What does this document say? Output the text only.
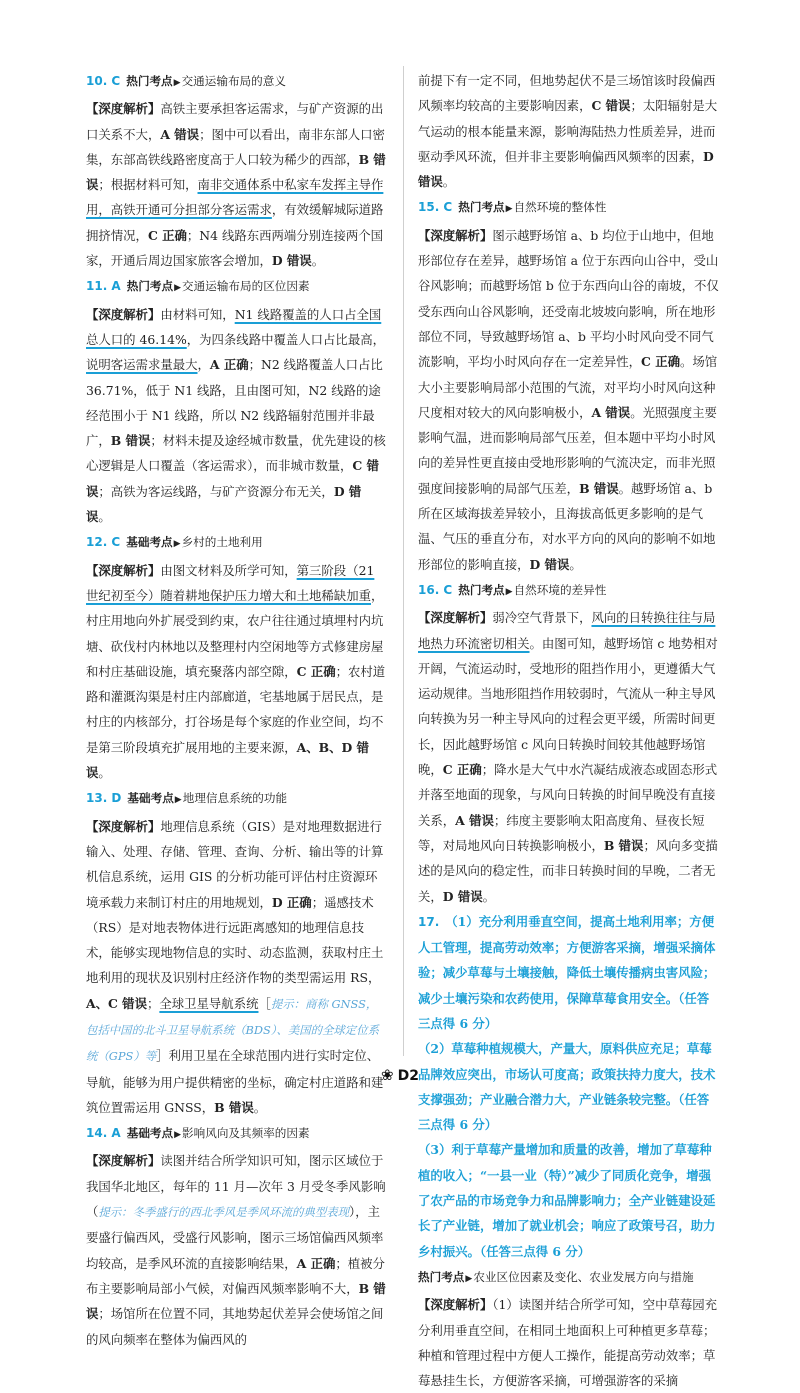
10. C 热门考点▶交通运输布局的意义

【深度解析】高铁主要承担客运需求，与矿产资源的出口关系不大，A 错误；图中可以看出，南非东部人口密集，东部高铁线路密度高于人口较为稀少的西部，B 错误；根据材料可知，南非交通体系中私家车发挥主导作用，高铁开通可分担部分客运需求，有效缓解城际道路拥挤情况，C 正确；N4 线路东西两端分别连接两个国家，开通后周边国家旅客会增加，D 错误。

11. A 热门考点▶交通运输布局的区位因素

【深度解析】由材料可知，N1 线路覆盖的人口占全国总人口的 46.14%，为四条线路中覆盖人口占比最高，说明客运需求量最大，A 正确；N2 线路覆盖人口占比 36.71%，低于 N1 线路，且由图可知，N2 线路的途经范围小于 N1 线路，所以 N2 线路辐射范围并非最广，B 错误；材料未提及途经城市数量，优先建设的核心逻辑是人口覆盖（客运需求），而非城市数量，C 错误；高铁为客运线路，与矿产资源分布无关，D 错误。

12. C 基础考点▶乡村的土地利用

【深度解析】由图文材料及所学可知，第三阶段（21 世纪初至今）随着耕地保护压力增大和土地稀缺加重，村庄用地向外扩展受到约束，农户往往通过填埋村内坑塘、砍伐村内林地以及整理村内空闲地等方式修建房屋和村庄基础设施，填充聚落内部空隙，C 正确；农村道路和灌溉沟渠是村庄内部廊道，宅基地属于居民点，是村庄的内核部分，打谷场是每个家庭的作业空间，均不是第三阶段填充扩展用地的主要来源，A、B、D 错误。

13. D 基础考点▶地理信息系统的功能

【深度解析】地理信息系统（GIS）是对地理数据进行输入、处理、存储、管理、查询、分析、输出等的计算机信息系统，运用 GIS 的分析功能可评估村庄资源环境承载力来制订村庄的用地规划，D 正确；遥感技术（RS）是对地表物体进行远距离感知的地理信息技术，能够实现地物信息的实时、动态监测，获取村庄土地利用的现状及识别村庄经济作物的类型需运用 RS，A、C 错误；全球卫星导航系统［提示：商称 GNSS，包括中国的北斗卫星导航系统（BDS）、美国的全球定位系统（GPS）等］利用卫星在全球范围内进行实时定位、导航，能够为用户提供精密的坐标，确定村庄道路和建筑位置需运用 GNSS，B 错误。

14. A 基础考点▶影响风向及其频率的因素

【深度解析】读图并结合所学知识可知，图示区域位于我国华北地区，每年的 11 月—次年 3 月受冬季风影响（提示：冬季盛行的西北季风是季风环流的典型表现），主要盛行偏西风，受盛行风影响，图示三场馆偏西风频率均较高，是季风环流的直接影响结果，A 正确；植被分布主要影响局部小气候，对偏西风频率影响不大，B 错误；场馆所在位置不同，其地势起伏差异会使场馆之间的风向频率在整体为偏西风的

前提下有一定不同，但地势起伏不是三场馆该时段偏西风频率均较高的主要影响因素，C 错误；太阳辐射是大气运动的根本能量来源，影响海陆热力性质差异，进而驱动季风环流，但并非主要影响偏西风频率的因素，D 错误。

15. C 热门考点▶自然环境的整体性

【深度解析】图示越野场馆 a、b 均位于山地中，但地形部位存在差异，越野场馆 a 位于东西向山谷中，受山谷风影响；而越野场馆 b 位于东西向山谷的南坡，不仅受东西向山谷风影响，还受南北坡坡向影响，所在地形部位不同，导致越野场馆 a、b 平均小时风向受不同气流影响，平均小时风向存在一定差异性，C 正确。场馆大小主要影响局部小范围的气流，对平均小时风向这种尺度相对较大的风向影响极小，A 错误。光照强度主要影响气温，进而影响局部气压差，但本题中平均小时风向的差异性更直接由受地形影响的气流决定，而非光照强度间接影响的局部气压差，B 错误。越野场馆 a、b 所在区域海拔差异较小，且海拔高低更多影响的是气温、气压的垂直分布，对水平方向的风向的影响不如地形部位的影响直接，D 错误。

16. C 热门考点▶自然环境的差异性

【深度解析】弱冷空气背景下，风向的日转换往往与局地热力环流密切相关。由图可知，越野场馆 c 地势相对开阔，气流运动时，受地形的阻挡作用小，更遵循大气运动规律。当地形阻挡作用较弱时，气流从一种主导风向转换为另一种主导风向的过程会更平缓，所需时间更长，因此越野场馆 c 风向日转换时间较其他越野场馆晚，C 正确；降水是大气中水汽凝结成液态或固态形式并落至地面的现象，与风向日转换的时间早晚没有直接关系，A 错误；纬度主要影响太阳高度角、昼夜长短等，对局地风向日转换影响极小，B 错误；风向多变描述的是风向的稳定性，而非日转换时间的早晚，二者无关，D 错误。

17. （1）充分利用垂直空间，提高土地利用率；方便人工管理，提高劳动效率；方便游客采摘，增强采摘体验；减少草莓与土壤接触，降低土壤传播病虫害风险；减少土壤污染和农药使用，保障草莓食用安全。（任答三点得 6 分）

（2）草莓种植规模大，产量大，原料供应充足；草莓品牌效应突出，市场认可度高；政策扶持力度大，技术支撑强劲；产业融合潜力大，产业链条较完整。（任答三点得 6 分）

（3）利于草莓产量增加和质量的改善，增加了草莓种植的收入；“一县一业（特）”减少了同质化竞争，增强了农产品的市场竞争力和品牌影响力；全产业链建设延长了产业链，增加了就业机会；响应了政策号召，助力乡村振兴。（任答三点得 6 分）

热门考点▶农业区位因素及变化、农业发展方向与措施

【深度解析】（1）读图并结合所学可知，空中草莓园充分利用垂直空间，在相同土地面积上可种植更多草莓；种植和管理过程中方便人工操作，能提高劳动效率；草莓悬挂生长，方便游客采摘，可增强游客的采摘

❀ D2
